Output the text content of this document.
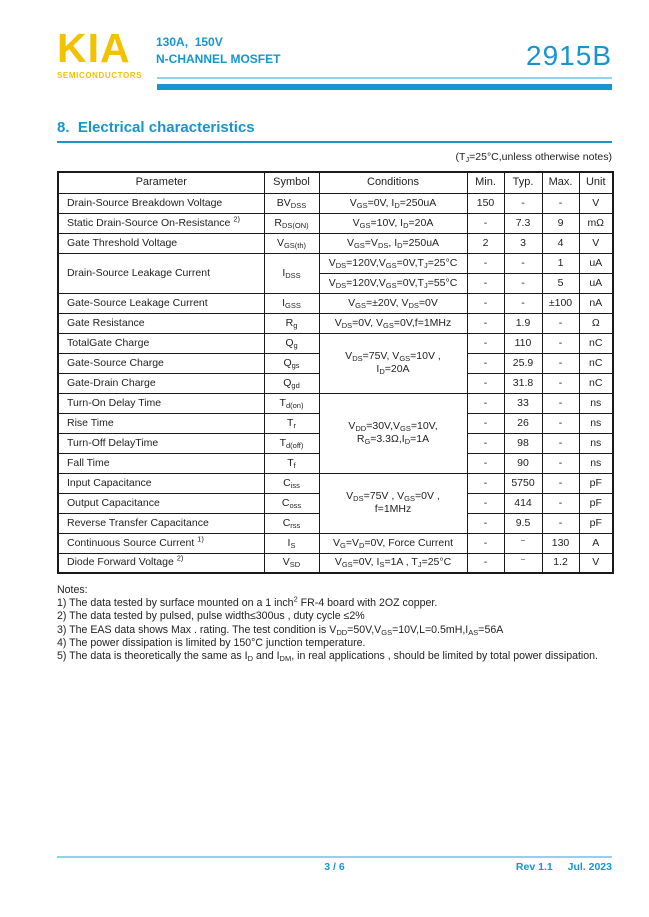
KIA
SEMICONDUCTORS
130A,  150V
N-CHANNEL MOSFET	2915B
8.  Electrical characteristics
($T_J=25^\circ C,unless$ otherwise notes)
Parameter	Symbol	Conditions	Min.	Typ.	Max.	Unit
Drain-Source Breakdown Voltage	$BV_{DSS}$	$V_{GS}=0V$, $I_D=250uA$	150	-	-	V
Static Drain-Source On-Resistance $^{2)}$	$R_{DS(ON)}$	$V_{GS}=10V$, $I_D=20A$	-	7.3	9	mΩ
Gate Threshold Voltage	$V_{GS(th)}$	$V_{GS}=V_{DS}$, $I_D=250uA$	2	3	4	V
Drain-Source Leakage Current	$I_{DSS}$	$V_{DS}=120V,V_{GS}=0V,T_J=25^\circ C$	-	-	1	uA
		$V_{DS}=120V,V_{GS}=0V,T_J=55^\circ C$	-	-	5	uA
Gate-Source Leakage Current	$I_{GSS}$	$V_{GS}=\pm 20V$, $V_{DS}=0V$	-	-	±100	nA
Gate Resistance	$R_g$	$V_{DS}=0V$, $V_{GS}=0V,f=1MHz$	-	1.9	-	Ω
TotalGate Charge	$Q_g$	$V_{DS}=75V$, $V_{GS}=10V$ ,
$I_D=20A$	-	110	-	nC
Gate-Source Charge	$Q_{gs}$		-	25.9	-	nC
Gate-Drain Charge	$Q_{gd}$		-	31.8	-	nC
Turn-On Delay Time	$T_{d(on)}$	$V_{DD}=30V,V_{GS}=10V$,
$R_G=3.3\Omega,I_D=1A$	-	33	-	ns
Rise Time	$T_r$		-	26	-	ns
Turn-Off DelayTime	$T_{d(off)}$		-	98	-	ns
Fall Time	$T_f$		-	90	-	ns
Input Capacitance	$C_{iss}$	$V_{DS}=75V$ , $V_{GS}=0V$ ,
f=1MHz	-	5750	-	pF
Output Capacitance	$C_{oss}$		-	414	-	pF
Reverse Transfer Capacitance	$C_{rss}$		-	9.5	-	pF
Continuous Source Current $^{1)}$	$I_S$	$V_G=V_D=0V$, Force Current	-	⁻	130	A
Diode Forward Voltage $^{2)}$	$V_{SD}$	$V_{GS}=0V$, $I_S=1A$ , $T_J=25^\circ C$	-	⁻	1.2	V
Notes:
1) The data tested by surface mounted on a 1 inch$^2$ FR-4 board with 2OZ copper.
2) The data tested by pulsed, pulse width≤300us , duty cycle ≤2%
3) The EAS data shows Max . rating. The test condition is $V_{DD}=50V,V_{GS}=10V,L=0.5mH,I_{AS}=56A$
4) The power dissipation is limited by 150°C junction temperature.
5) The data is theoretically the same as $I_D$ and $I_{DM}$, in real applications , should be limited by total power dissipation.
3 / 6	Rev 1.1 Jul. 2023
